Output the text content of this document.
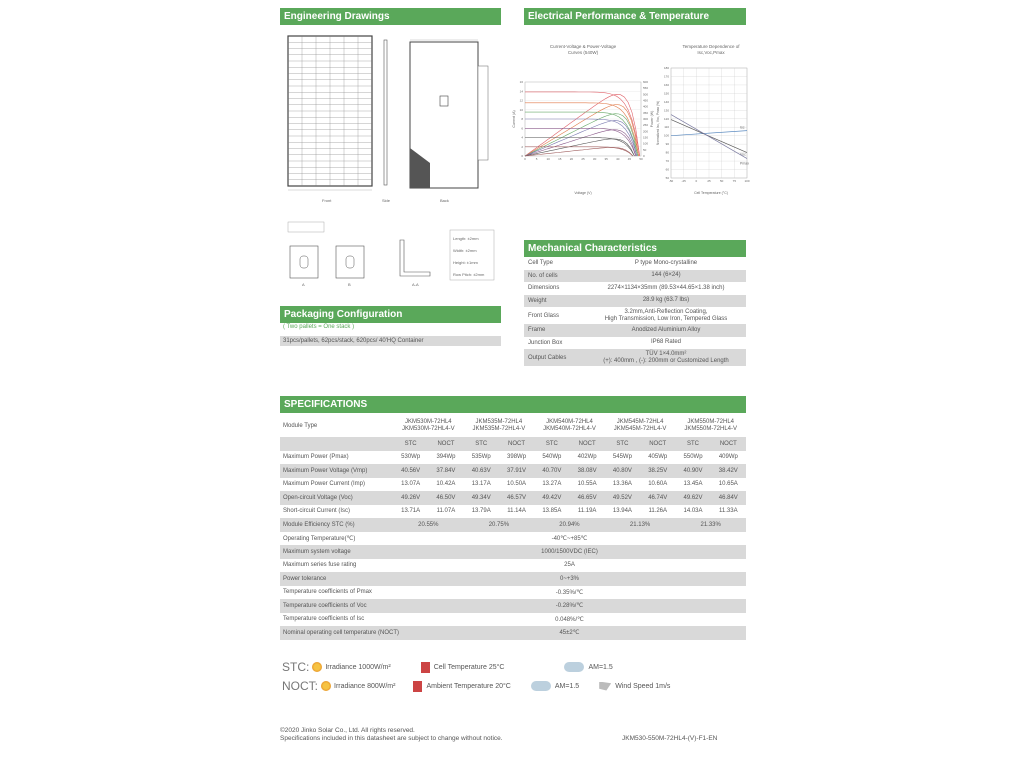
Engineering Drawings	Electrical Performance & Temperature Dependence
Mechanical Characteristics
Packaging Configuration
SPECIFICATIONS
Front	Side	Back
Length: ±2mm
Width: ±2mm
Height: ±1mm
Row Pitch: ±2mm
A	B	A-A
Current-Voltage & Power-Voltage
Curves (540W)
0
2
4
6
8
10
12
14
16
0	5	10	15	20	25	30	35	40	45	50
0
50
100
150
200
250
300
350
400
450
500
550
600
Voltage (V)
Current (A)	Power (W)
Temperature Dependence of
Isc,Voc,Pmax
50
60
70
80
90
100
110
120
130
140
150
160
170
180
-50	-25	0	25	50	75	100
Cell Temperature (°C)
Normalized Isc, Voc, Pmax (%)	Isc
Voc
Pmax
Cell Type	P type Mono-crystalline
No. of cells	144 (6×24)
Dimensions	2274×1134×35mm (89.53×44.65×1.38 inch)
Weight	28.9 kg (63.7 lbs)
Front Glass
3.2mm,Anti-Reflection Coating,
High Transmission, Low Iron, Tempered Glass
Frame	Anodized Aluminium Alloy
Junction Box	IP68 Rated
Output Cables
TÜV 1×4.0mm²
(+): 400mm , (-): 200mm or Customized Length
( Two pallets = One stack )
31pcs/pallets, 62pcs/stack, 620pcs/ 40'HQ Container
Module Type
JKM530M-72HL4
JKM530M-72HL4-V
JKM535M-72HL4
JKM535M-72HL4-V
JKM540M-72HL4
JKM540M-72HL4-V
JKM545M-72HL4
JKM545M-72HL4-V
JKM550M-72HL4
JKM550M-72HL4-V
STC	NOCT	STC	NOCT	STC	NOCT	STC	NOCT	STC	NOCT
Maximum Power (Pmax)	530Wp	394Wp	535Wp	398Wp	540Wp	402Wp	545Wp	405Wp	550Wp	409Wp
Maximum Power Voltage (Vmp)	40.56V	37.84V	40.63V	37.91V	40.70V	38.08V	40.80V	38.25V	40.90V	38.42V
Maximum Power Current (Imp)	13.07A	10.42A	13.17A	10.50A	13.27A	10.55A	13.36A	10.60A	13.45A	10.65A
Open-circuit Voltage (Voc)	49.26V	46.50V	49.34V	46.57V	49.42V	46.65V	49.52V	46.74V	49.62V	46.84V
Short-circuit Current (Isc)	13.71A	11.07A	13.79A	11.14A	13.85A	11.19A	13.94A	11.26A	14.03A	11.33A
Module Efficiency STC (%)	20.55%	20.75%	20.94%	21.13%	21.33%
Operating Temperature(℃)	-40℃~+85℃
Maximum system voltage	1000/1500VDC (IEC)
Maximum series fuse rating	25A
Power tolerance	0~+3%
Temperature coefficients of Pmax	-0.35%/℃
Temperature coefficients of Voc	-0.28%/℃
Temperature coefficients of Isc	0.048%/℃
Nominal operating cell temperature (NOCT)	45±2℃
STC: Irradiance 1000W/m²	Cell Temperature 25°C	AM=1.5
NOCT: Irradiance 800W/m²	Ambient Temperature 20°C	AM=1.5	Wind Speed 1m/s
©2020 Jinko Solar Co., Ltd. All rights reserved.
Specifications included in this datasheet are subject to change without notice.	JKM530-550M-72HL4-(V)-F1-EN
